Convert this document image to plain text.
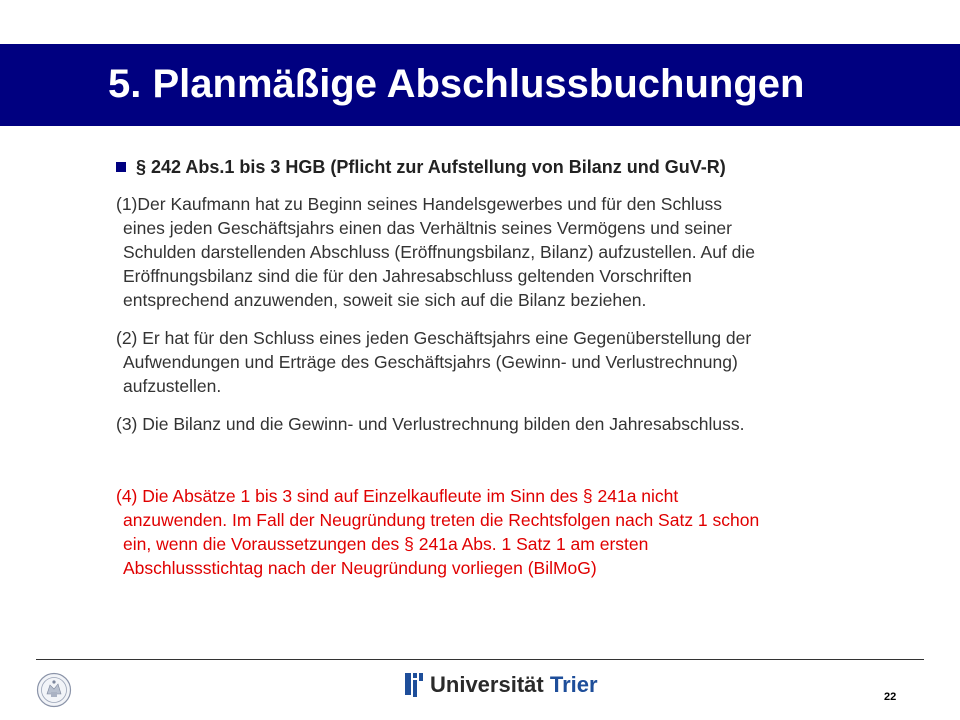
5. Planmäßige Abschlussbuchungen

§ 242 Abs.1 bis 3 HGB (Pflicht zur Aufstellung von Bilanz und GuV-R)

(1)Der Kaufmann hat zu Beginn seines Handelsgewerbes und für den Schluss
eines jeden Geschäftsjahrs einen das Verhältnis seines Vermögens und seiner
Schulden darstellenden Abschluss (Eröffnungsbilanz, Bilanz) aufzustellen. Auf die
Eröffnungsbilanz sind die für den Jahresabschluss geltenden Vorschriften
entsprechend anzuwenden, soweit sie sich auf die Bilanz beziehen.
(2) Er hat für den Schluss eines jeden Geschäftsjahrs eine Gegenüberstellung der
Aufwendungen und Erträge des Geschäftsjahrs (Gewinn- und Verlustrechnung)
aufzustellen.
(3) Die Bilanz und die Gewinn- und Verlustrechnung bilden den Jahresabschluss.
(4) Die Absätze 1 bis 3 sind auf Einzelkaufleute im Sinn des § 241a nicht
anzuwenden. Im Fall der Neugründung treten die Rechtsfolgen nach Satz 1 schon
ein, wenn die Voraussetzungen des § 241a Abs. 1 Satz 1 am ersten
Abschlussstichtag nach der Neugründung vorliegen (BilMoG)
Universität Trier	22
